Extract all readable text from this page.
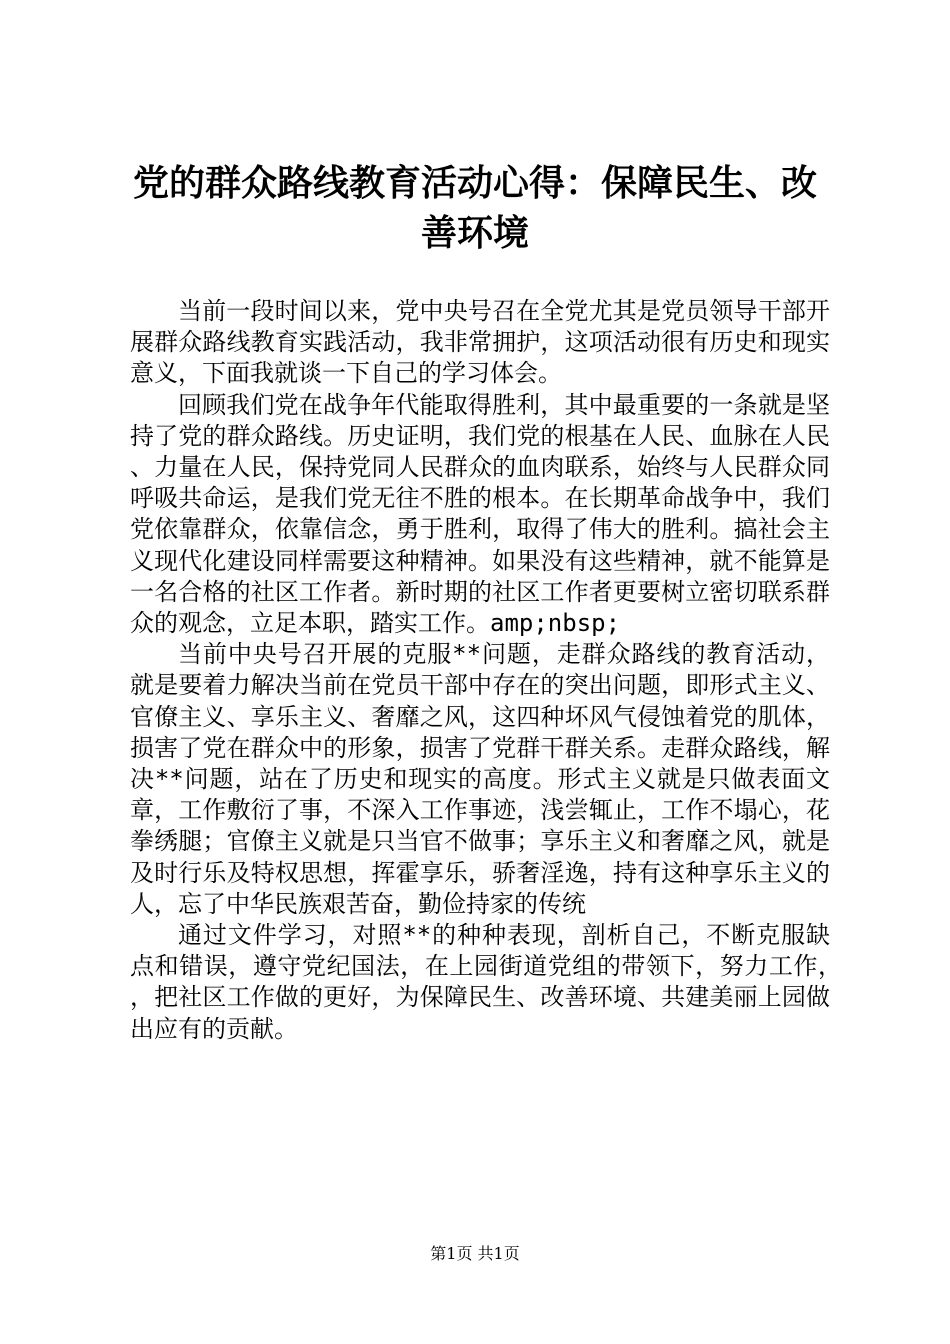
党的群众路线教育活动心得：保障民生、改善环境

当前一段时间以来，党中央号召在全党尤其是党员领导干部开展群众路线教育实践活动，我非常拥护，这项活动很有历史和现实意义，下面我就谈一下自己的学习体会。

回顾我们党在战争年代能取得胜利，其中最重要的一条就是坚持了党的群众路线。历史证明，我们党的根基在人民、血脉在人民、力量在人民，保持党同人民群众的血肉联系，始终与人民群众同呼吸共命运，是我们党无往不胜的根本。在长期革命战争中，我们党依靠群众，依靠信念，勇于胜利，取得了伟大的胜利。搞社会主义现代化建设同样需要这种精神。如果没有这些精神，就不能算是一名合格的社区工作者。新时期的社区工作者更要树立密切联系群众的观念，立足本职，踏实工作。amp;nbsp;

当前中央号召开展的克服**问题，走群众路线的教育活动，就是要着力解决当前在党员干部中存在的突出问题，即形式主义、官僚主义、享乐主义、奢靡之风，这四种坏风气侵蚀着党的肌体，损害了党在群众中的形象，损害了党群干群关系。走群众路线，解决**问题，站在了历史和现实的高度。形式主义就是只做表面文章，工作敷衍了事，不深入工作事迹，浅尝辄止，工作不塌心，花拳绣腿；官僚主义就是只当官不做事；享乐主义和奢靡之风，就是及时行乐及特权思想，挥霍享乐，骄奢淫逸，持有这种享乐主义的人，忘了中华民族艰苦奋，勤俭持家的传统

通过文件学习，对照**的种种表现，剖析自己，不断克服缺点和错误，遵守党纪国法，在上园街道党组的带领下，努力工作，，把社区工作做的更好，为保障民生、改善环境、共建美丽上园做出应有的贡献。

第1页 共1页
